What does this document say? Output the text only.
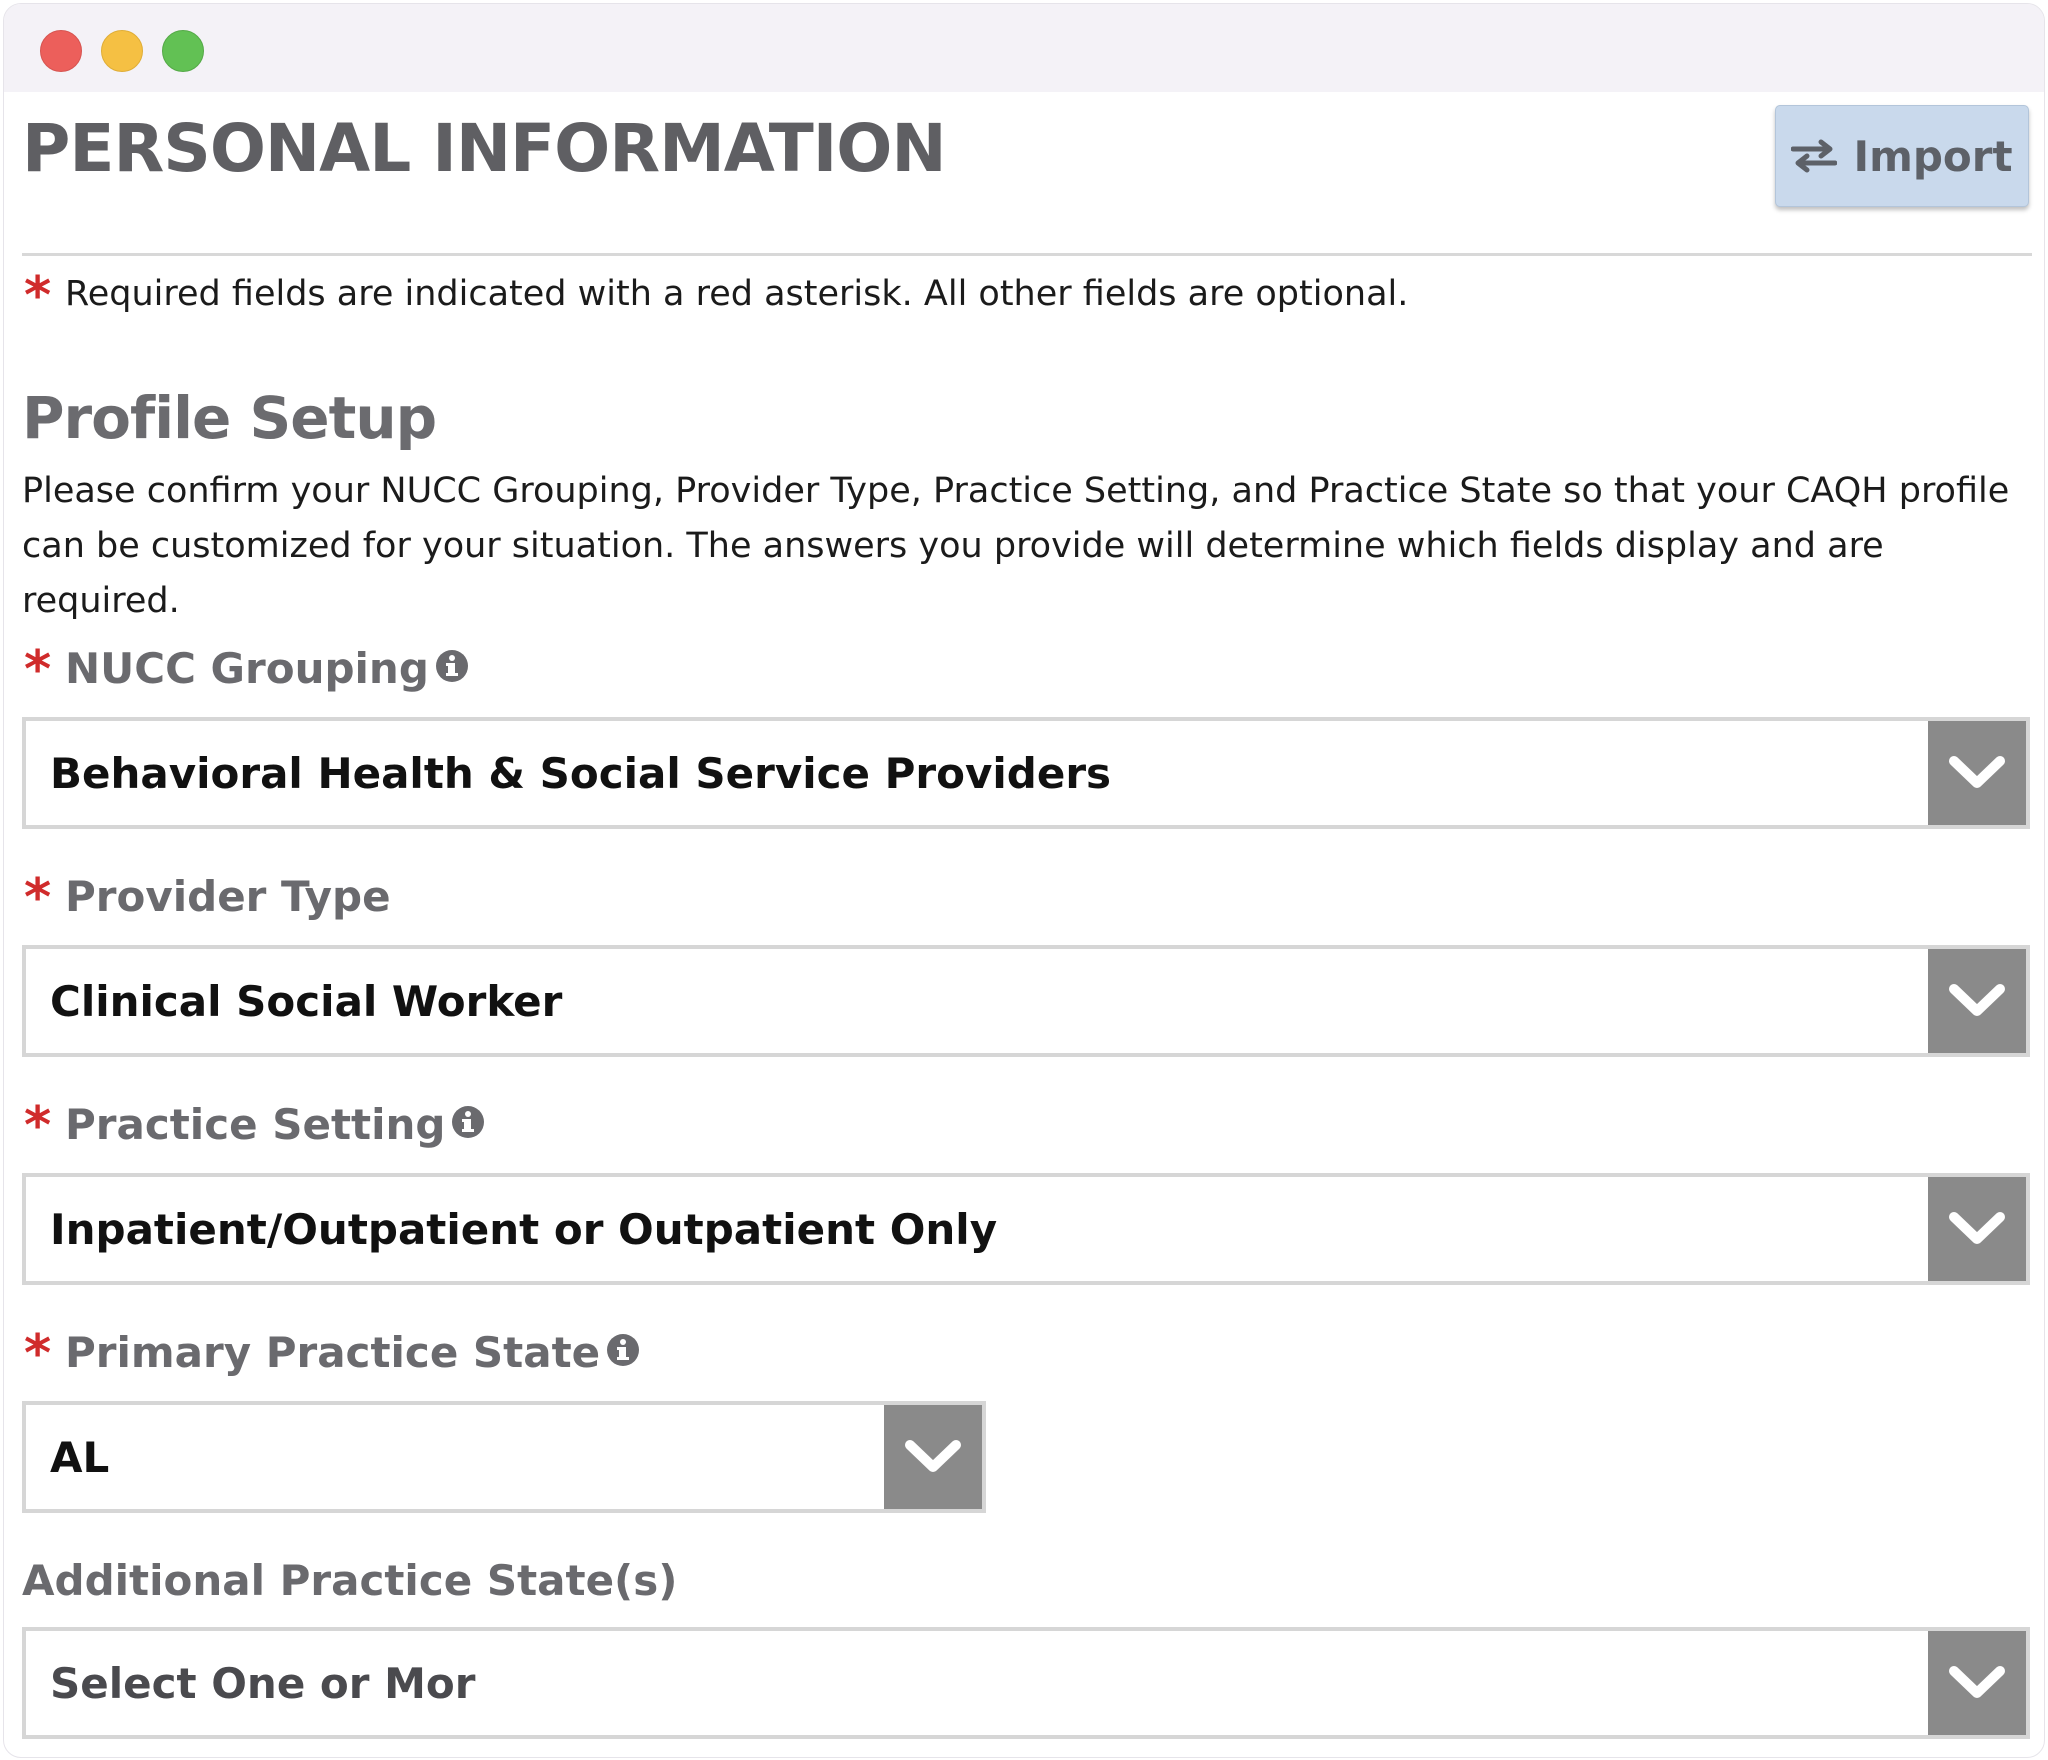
PERSONAL INFORMATION	Import
* Required fields are indicated with a red asterisk. All other fields are optional.
Profile Setup
Please confirm your NUCC Grouping, Provider Type, Practice Setting, and Practice State so that your CAQH profile can be customized for your situation. The answers you provide will determine which fields display and are required.
* NUCC Grouping
Behavioral Health & Social Service Providers
* Provider Type
Clinical Social Worker
* Practice Setting
Inpatient/Outpatient or Outpatient Only
* Primary Practice State
AL
Additional Practice State(s)
Select One or Mor
